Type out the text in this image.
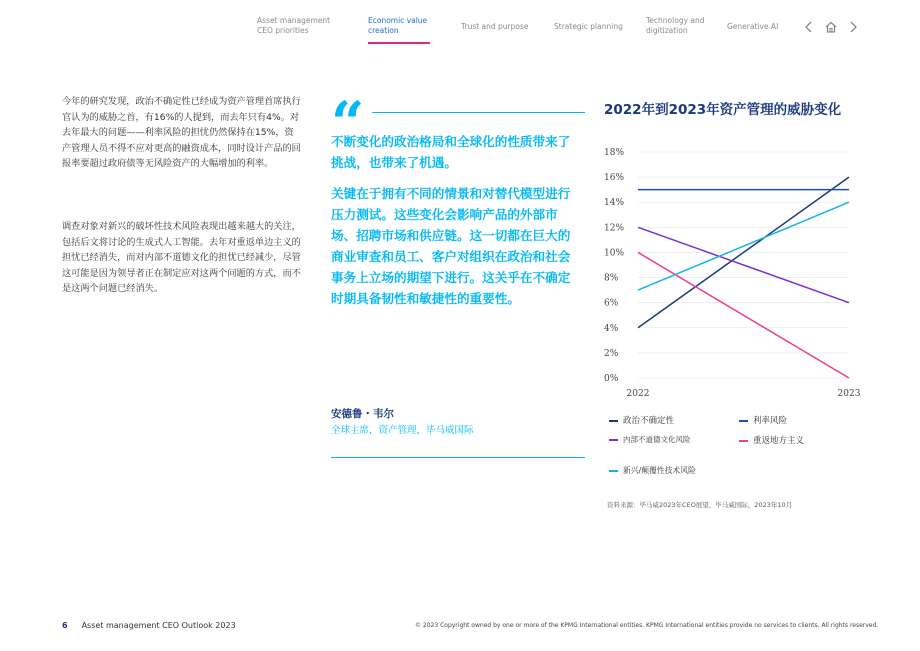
Asset management CEO priorities
Economic value creation	Trust and purpose	Strategic planning
Technology and digitization	Generative AI
今年的研究发现，政治不确定性已经成为资产管理首席执行官认为的威胁之首，有16%的人提到，而去年只有4%。对去年最大的问题——利率风险的担忧仍然保持在15%，资产管理人员不得不应对更高的融资成本，同时设计产品的回报率要超过政府债等无风险资产的大幅增加的利率。
调查对象对新兴的破坏性技术风险表现出越来越大的关注，包括后文将讨论的生成式人工智能。去年对重返单边主义的担忧已经消失，而对内部不道德文化的担忧已经减少，尽管这可能是因为领导者正在制定应对这两个问题的方式，而不是这两个问题已经消失。
“
不断变化的政治格局和全球化的性质带来了挑战，也带来了机遇。
关键在于拥有不同的情景和对替代模型进行压力测试。这些变化会影响产品的外部市场、招聘市场和供应链。这一切都在巨大的商业审查和员工、客户对组织在政治和社会事务上立场的期望下进行。这关乎在不确定时期具备韧性和敏捷性的重要性。
安德鲁・韦尔
全球主席，资产管理，毕马威国际
2022年到2023年资产管理的威胁变化
0%
2%
4%
6%
8%
10%
12%
14%
16%
18%
2022	2023
政治不确定性	利率风险
内部不道德文化风险	重返地方主义
新兴/颠覆性技术风险
资料来源：毕马威2023年CEO展望，毕马威国际，2023年10月
6 Asset management CEO Outlook 2023	© 2023 Copyright owned by one or more of the KPMG International entities. KPMG International entities provide no services to clients. All rights reserved.
